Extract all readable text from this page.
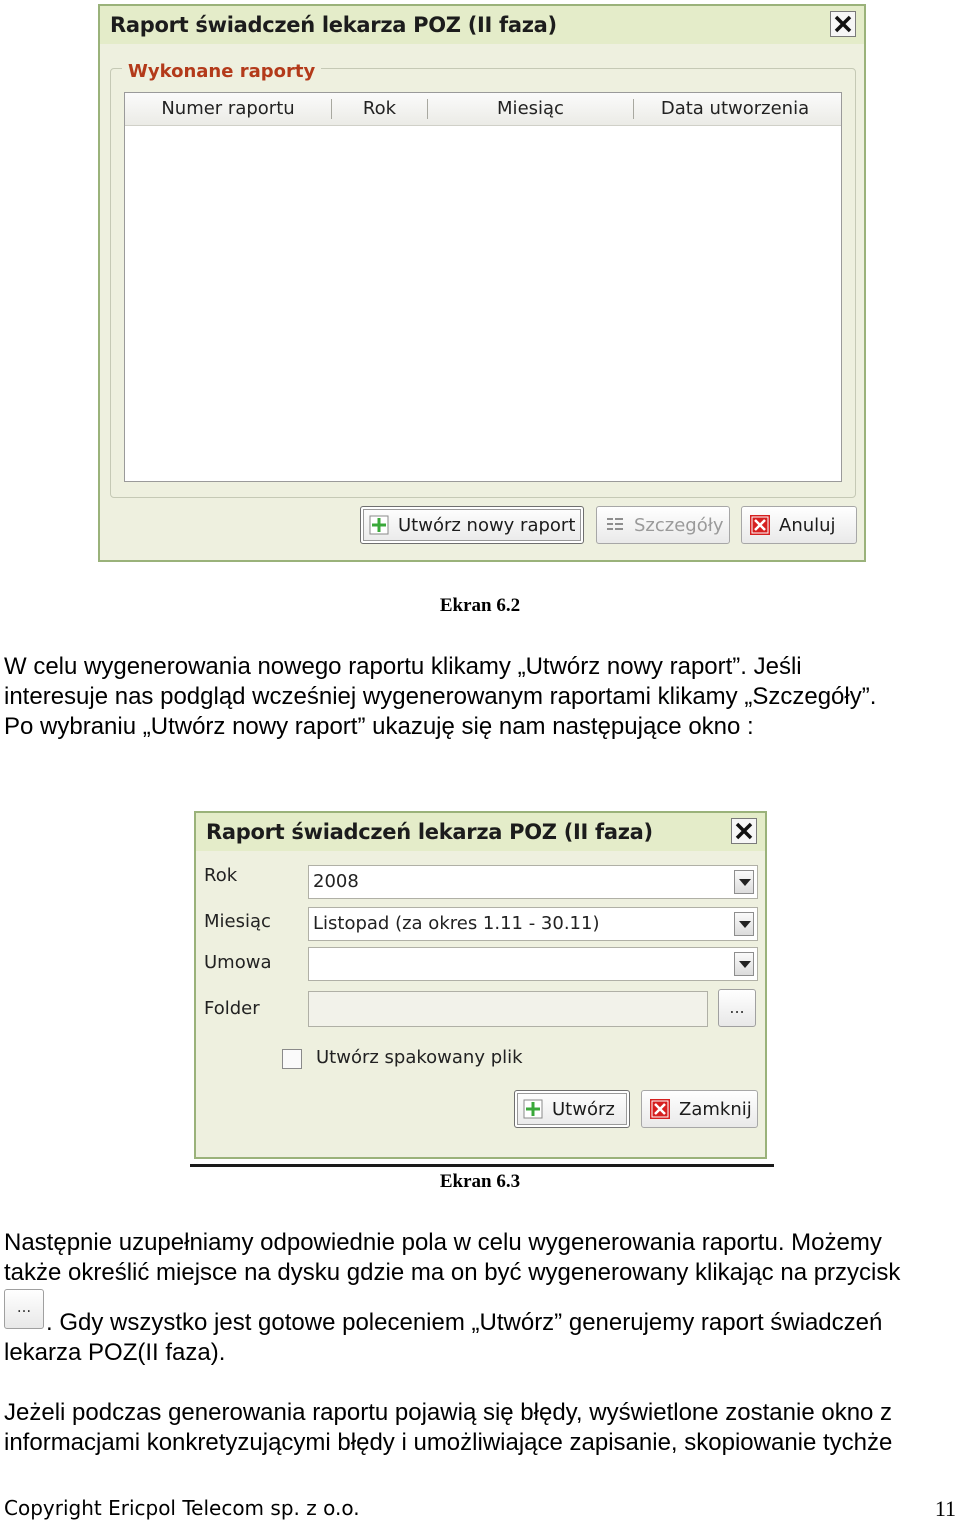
Raport świadczeń lekarza POZ (II faza)
Wykonane raporty
Numer raportu	Rok	Miesiąc	Data utworzenia
Utwórz nowy raport	Szczegóły	Anuluj
Ekran 6.2
W celu wygenerowania nowego raportu klikamy „Utwórz nowy raport”. Jeśli
interesuje nas podgląd wcześniej wygenerowanym raportami klikamy „Szczegóły”.
Po wybraniu „Utwórz nowy raport” ukazuję się nam następujące okno :
Raport świadczeń lekarza POZ (II faza)
Rok	2008
Miesiąc Listopad (za okres 1.11 - 30.11)
Umowa
Folder	...
Utwórz spakowany plik
Utwórz	Zamknij
Ekran 6.3
Następnie uzupełniamy odpowiednie pola w celu wygenerowania raportu. Możemy
także określić miejsce na dysku gdzie ma on być wygenerowany klikając na przycisk
...
. Gdy wszystko jest gotowe poleceniem „Utwórz” generujemy raport świadczeń
lekarza POZ(II faza).
Jeżeli podczas generowania raportu pojawią się błędy, wyświetlone zostanie okno z
informacjami konkretyzującymi błędy i umożliwiające zapisanie, skopiowanie tychże
Copyright Ericpol Telecom sp. z o.o.	11
